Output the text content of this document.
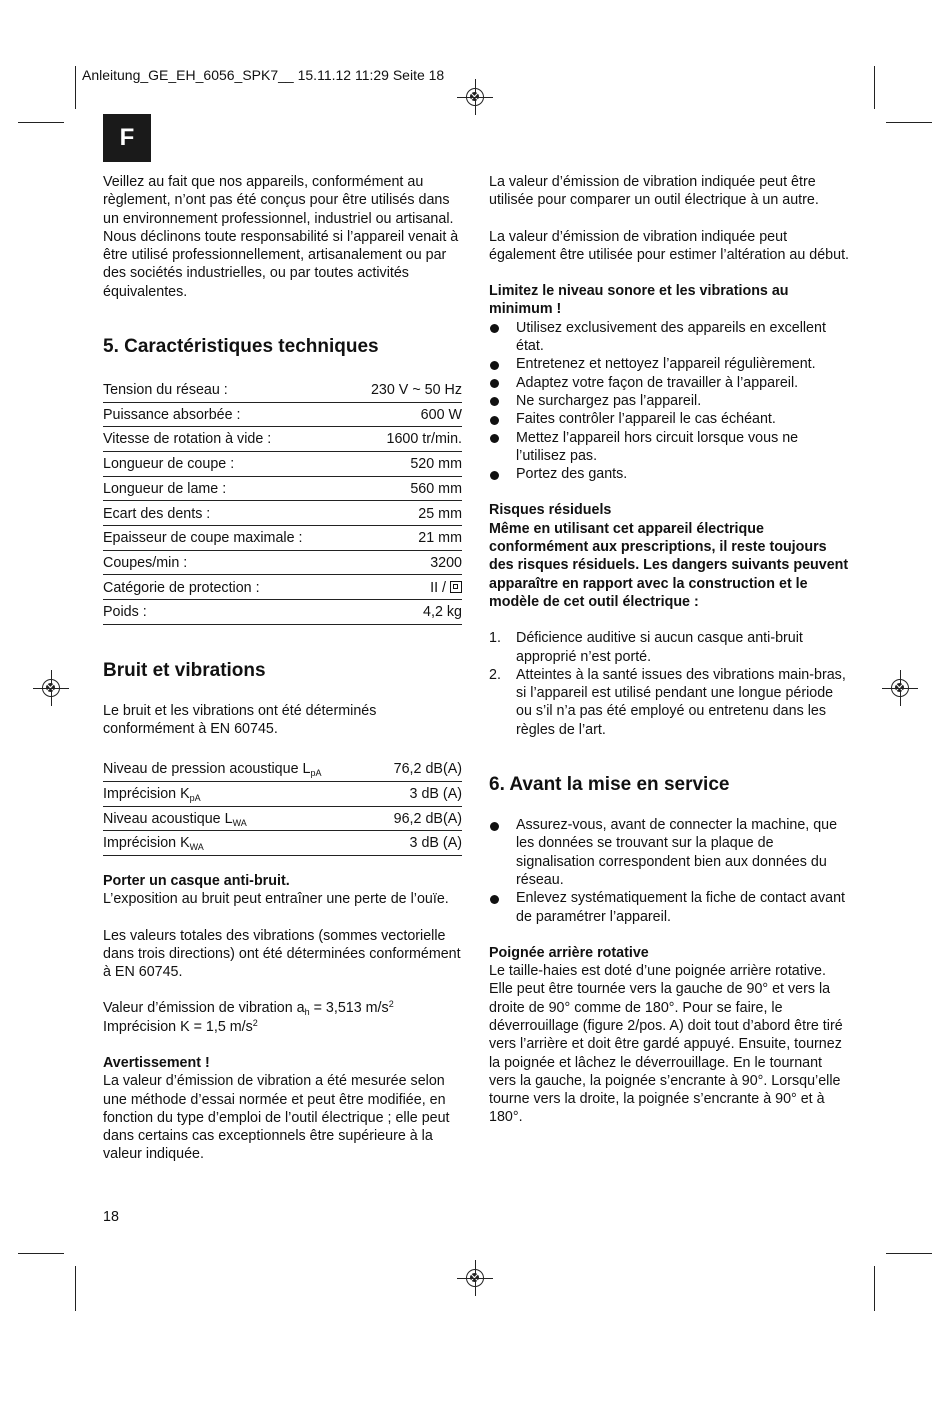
Anleitung_GE_EH_6056_SPK7__ 15.11.12 11:29 Seite 18
F

Veillez au fait que nos appareils, conformément au règlement, n’ont pas été conçus pour être utilisés dans un environnement professionnel, industriel ou artisanal. Nous déclinons toute responsabilité si l’appareil venait à être utilisé professionnellement, artisanalement ou par des sociétés industrielles, ou par toutes activités équivalentes.

5. Caractéristiques techniques
Tension du réseau :	230 V ~ 50 Hz
Puissance absorbée :	600 W
Vitesse de rotation à vide :	1600 tr/min.
Longueur de coupe :	520 mm
Longueur de lame :	560 mm
Ecart des dents :	25 mm
Epaisseur de coupe maximale :	21 mm
Coupes/min :	3200
Catégorie de protection :	II /
Poids :	4,2 kg
Bruit et vibrations

Le bruit et les vibrations ont été déterminés conformément à EN 60745.

Niveau de pression acoustique $L_{pA}$	76,2 dB(A)
Imprécision $K_{pA}$	3 dB (A)
Niveau acoustique $L_{WA}$	96,2 dB(A)
Imprécision $K_{WA}$	3 dB (A)

Porter un casque anti-bruit.

L’exposition au bruit peut entraîner une perte de l’ouïe.

Les valeurs totales des vibrations (sommes vectorielle dans trois directions) ont été déterminées conformément à EN 60745.

Valeur d’émission de vibration $a_h = 3,513$ $m/s^2$

Imprécision K = 1,5 $m/s^2$

Avertissement !

La valeur d’émission de vibration a été mesurée selon une méthode d’essai normée et peut être modifiée, en fonction du type d’emploi de l’outil électrique ; elle peut dans certains cas exceptionnels être supérieure à la valeur indiquée.

18

La valeur d’émission de vibration indiquée peut être utilisée pour comparer un outil électrique à un autre.

La valeur d’émission de vibration indiquée peut également être utilisée pour estimer l’altération au début.

Limitez le niveau sonore et les vibrations au minimum !

Utilisez exclusivement des appareils en excellent état.
Entretenez et nettoyez l’appareil régulièrement.
Adaptez votre façon de travailler à l’appareil.
Ne surchargez pas l’appareil.
Faites contrôler l’appareil le cas échéant.
Mettez l’appareil hors circuit lorsque vous ne l’utilisez pas.
Portez des gants.

Risques résiduels

Même en utilisant cet appareil électrique conformément aux prescriptions, il reste toujours des risques résiduels. Les dangers suivants peuvent apparaître en rapport avec la construction et le modèle de cet outil électrique :

1. Déficience auditive si aucun casque anti-bruit approprié n’est porté.
2. Atteintes à la santé issues des vibrations main-bras, si l’appareil est utilisé pendant une longue période ou s’il n’a pas été employé ou entretenu dans les règles de l’art.
6. Avant la mise en service
Assurez-vous, avant de connecter la machine, que les données se trouvant sur la plaque de signalisation correspondent bien aux données du réseau.
Enlevez systématiquement la fiche de contact avant de paramétrer l’appareil.

Poignée arrière rotative

Le taille-haies est doté d’une poignée arrière rotative. Elle peut être tournée vers la gauche de 90° et vers la droite de 90° comme de 180°. Pour se faire, le déverrouillage (figure 2/pos. A) doit tout d’abord être tiré vers l’arrière et doit être gardé appuyé. Ensuite, tournez la poignée et lâchez le déverrouillage. En le tournant vers la gauche, la poignée s’encrante à 90°. Lorsqu’elle tourne vers la droite, la poignée s’encrante à 90° et à 180°.
